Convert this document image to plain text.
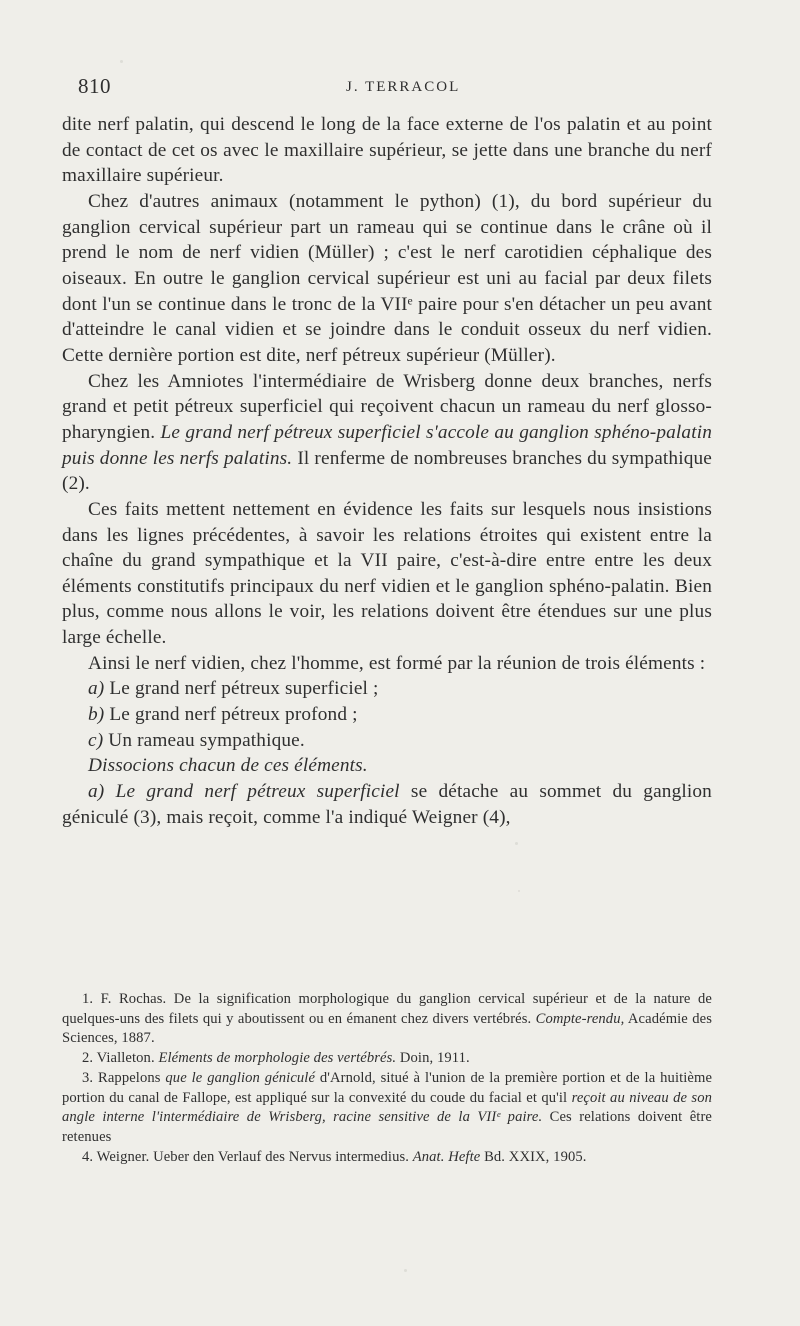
810	J. TERRACOL

dite nerf palatin, qui descend le long de la face externe de l'os palatin et au point de contact de cet os avec le maxillaire supérieur, se jette dans une branche du nerf maxillaire supérieur.

Chez d'autres animaux (notamment le python) (1), du bord supérieur du ganglion cervical supérieur part un rameau qui se continue dans le crâne où il prend le nom de nerf vidien (Müller) ; c'est le nerf carotidien céphalique des oiseaux. En outre le ganglion cervical supérieur est uni au facial par deux filets dont l'un se continue dans le tronc de la VIIᵉ paire pour s'en détacher un peu avant d'atteindre le canal vidien et se joindre dans le conduit osseux du nerf vidien. Cette dernière portion est dite, nerf pétreux supérieur (Müller).

Chez les Amniotes l'intermédiaire de Wrisberg donne deux branches, nerfs grand et petit pétreux superficiel qui reçoivent chacun un rameau du nerf glosso-pharyngien. Le grand nerf pétreux superficiel s'accole au ganglion sphéno-palatin puis donne les nerfs palatins. Il renferme de nombreuses branches du sympathique (2).

Ces faits mettent nettement en évidence les faits sur lesquels nous insistions dans les lignes précédentes, à savoir les relations étroites qui existent entre la chaîne du grand sympathique et la VII paire, c'est-à-dire entre entre les deux éléments constitutifs principaux du nerf vidien et le ganglion sphéno-palatin. Bien plus, comme nous allons le voir, les relations doivent être étendues sur une plus large échelle.

Ainsi le nerf vidien, chez l'homme, est formé par la réunion de trois éléments :

a) Le grand nerf pétreux superficiel ;

b) Le grand nerf pétreux profond ;

c) Un rameau sympathique.

Dissocions chacun de ces éléments.

a) Le grand nerf pétreux superficiel se détache au sommet du ganglion géniculé (3), mais reçoit, comme l'a indiqué Weigner (4),

1. F. Rochas. De la signification morphologique du ganglion cervical supérieur et de la nature de quelques-uns des filets qui y aboutissent ou en émanent chez divers vertébrés. Compte-rendu, Académie des Sciences, 1887.

2. Vialleton. Eléments de morphologie des vertébrés. Doin, 1911.

3. Rappelons que le ganglion géniculé d'Arnold, situé à l'union de la première portion et de la huitième portion du canal de Fallope, est appliqué sur la convexité du coude du facial et qu'il reçoit au niveau de son angle interne l'intermédiaire de Wrisberg, racine sensitive de la VIIᵉ paire. Ces relations doivent être retenues

4. Weigner. Ueber den Verlauf des Nervus intermedius. Anat. Hefte Bd. XXIX, 1905.
